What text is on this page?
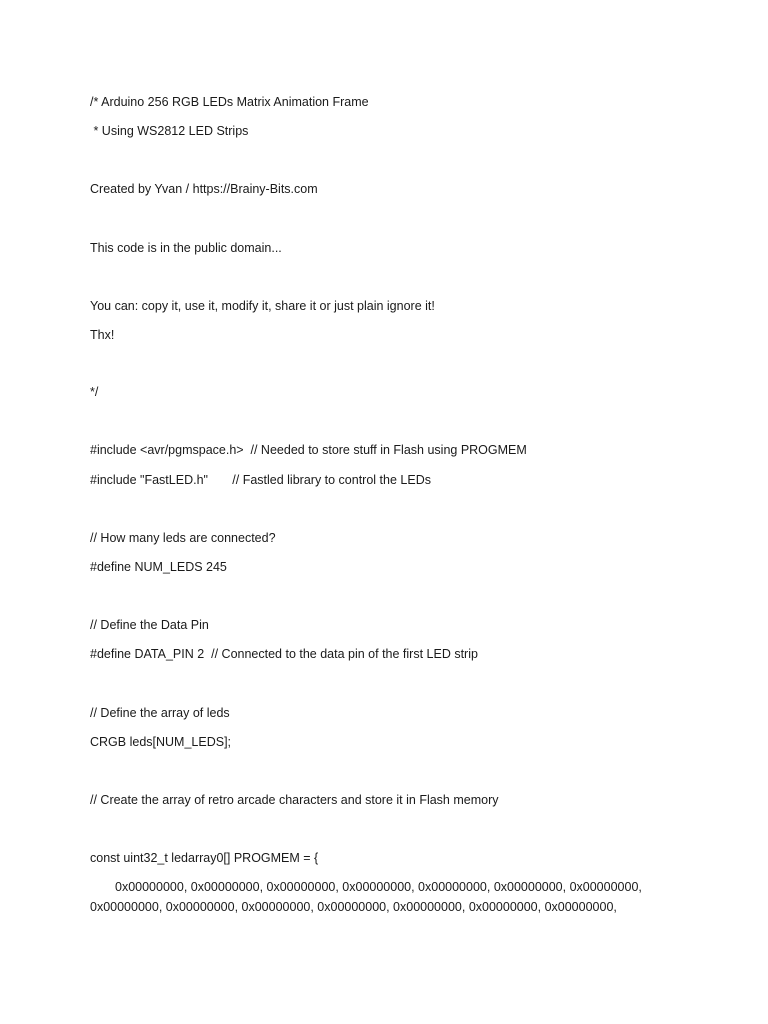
/* Arduino 256 RGB LEDs Matrix Animation Frame
* Using WS2812 LED Strips
Created by Yvan / https://Brainy-Bits.com
This code is in the public domain...
You can: copy it, use it, modify it, share it or just plain ignore it!
Thx!
*/
#include <avr/pgmspace.h>  // Needed to store stuff in Flash using PROGMEM
#include "FastLED.h"       // Fastled library to control the LEDs
// How many leds are connected?
#define NUM_LEDS 245
// Define the Data Pin
#define DATA_PIN 2  // Connected to the data pin of the first LED strip
// Define the array of leds
CRGB leds[NUM_LEDS];
// Create the array of retro arcade characters and store it in Flash memory
const uint32_t ledarray0[] PROGMEM = {
0x00000000, 0x00000000, 0x00000000, 0x00000000, 0x00000000, 0x00000000, 0x00000000,
0x00000000, 0x00000000, 0x00000000, 0x00000000, 0x00000000, 0x00000000, 0x00000000,
